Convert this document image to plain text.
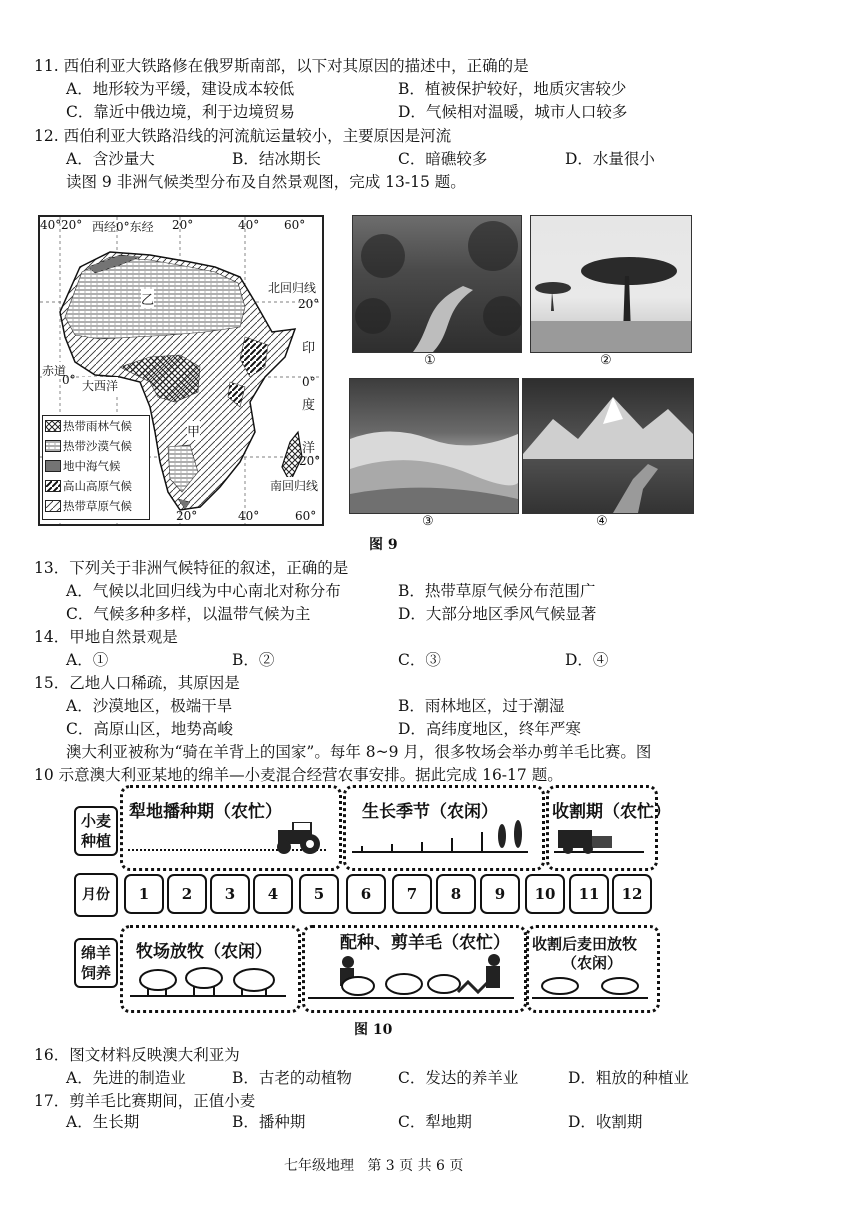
11. 西伯利亚大铁路修在俄罗斯南部，以下对其原因的描述中，正确的是
A．地形较为平缓，建设成本较低	B．植被保护较好，地质灾害较少
C．靠近中俄边境，利于边境贸易	D．气候相对温暖，城市人口较多
12. 西伯利亚大铁路沿线的河流航运量较小，主要原因是河流
A．含沙量大	B．结冰期长	C．暗礁较多	D．水量很小
读图 9 非洲气候类型分布及自然景观图，完成 13-15 题。
40° 20° 西经0°东经 20°	40° 60°
乙
甲
北回归线
20°
印
赤道
0° 大西洋	0°
度
洋
20°
南回归线
20°	40°	60°
热带雨林气候
热带沙漠气候
地中海气候
高山高原气候
热带草原气候
①	②
③	④
图 9
13．下列关于非洲气候特征的叙述，正确的是
A．气候以北回归线为中心南北对称分布	B．热带草原气候分布范围广
C．气候多种多样，以温带气候为主	D．大部分地区季风气候显著
14．甲地自然景观是
A．①	B．②	C．③	D．④
15．乙地人口稀疏，其原因是
A．沙漠地区，极端干旱	B．雨林地区，过于潮湿
C．高原山区，地势高峻	D．高纬度地区，终年严寒
澳大利亚被称为“骑在羊背上的国家”。每年 8~9 月，很多牧场会举办剪羊毛比赛。图
10 示意澳大利亚某地的绵羊—小麦混合经营农事安排。据此完成 16-17 题。
小麦种植
月份
绵羊饲养
犁地播种期（农忙）	生长季节（农闲）	收割期（农忙）
1 2 3 4 5 6 7 8 9 10 11 12
牧场放牧（农闲）	配种、剪羊毛（农忙） 收割后麦田放牧
（农闲）
图 10
16．图文材料反映澳大利亚为
A．先进的制造业	B．古老的动植物	C．发达的养羊业	D．粗放的种植业
17．剪羊毛比赛期间，正值小麦
A．生长期	B．播种期	C．犁地期	D．收割期
七年级地理   第 3 页 共 6 页
